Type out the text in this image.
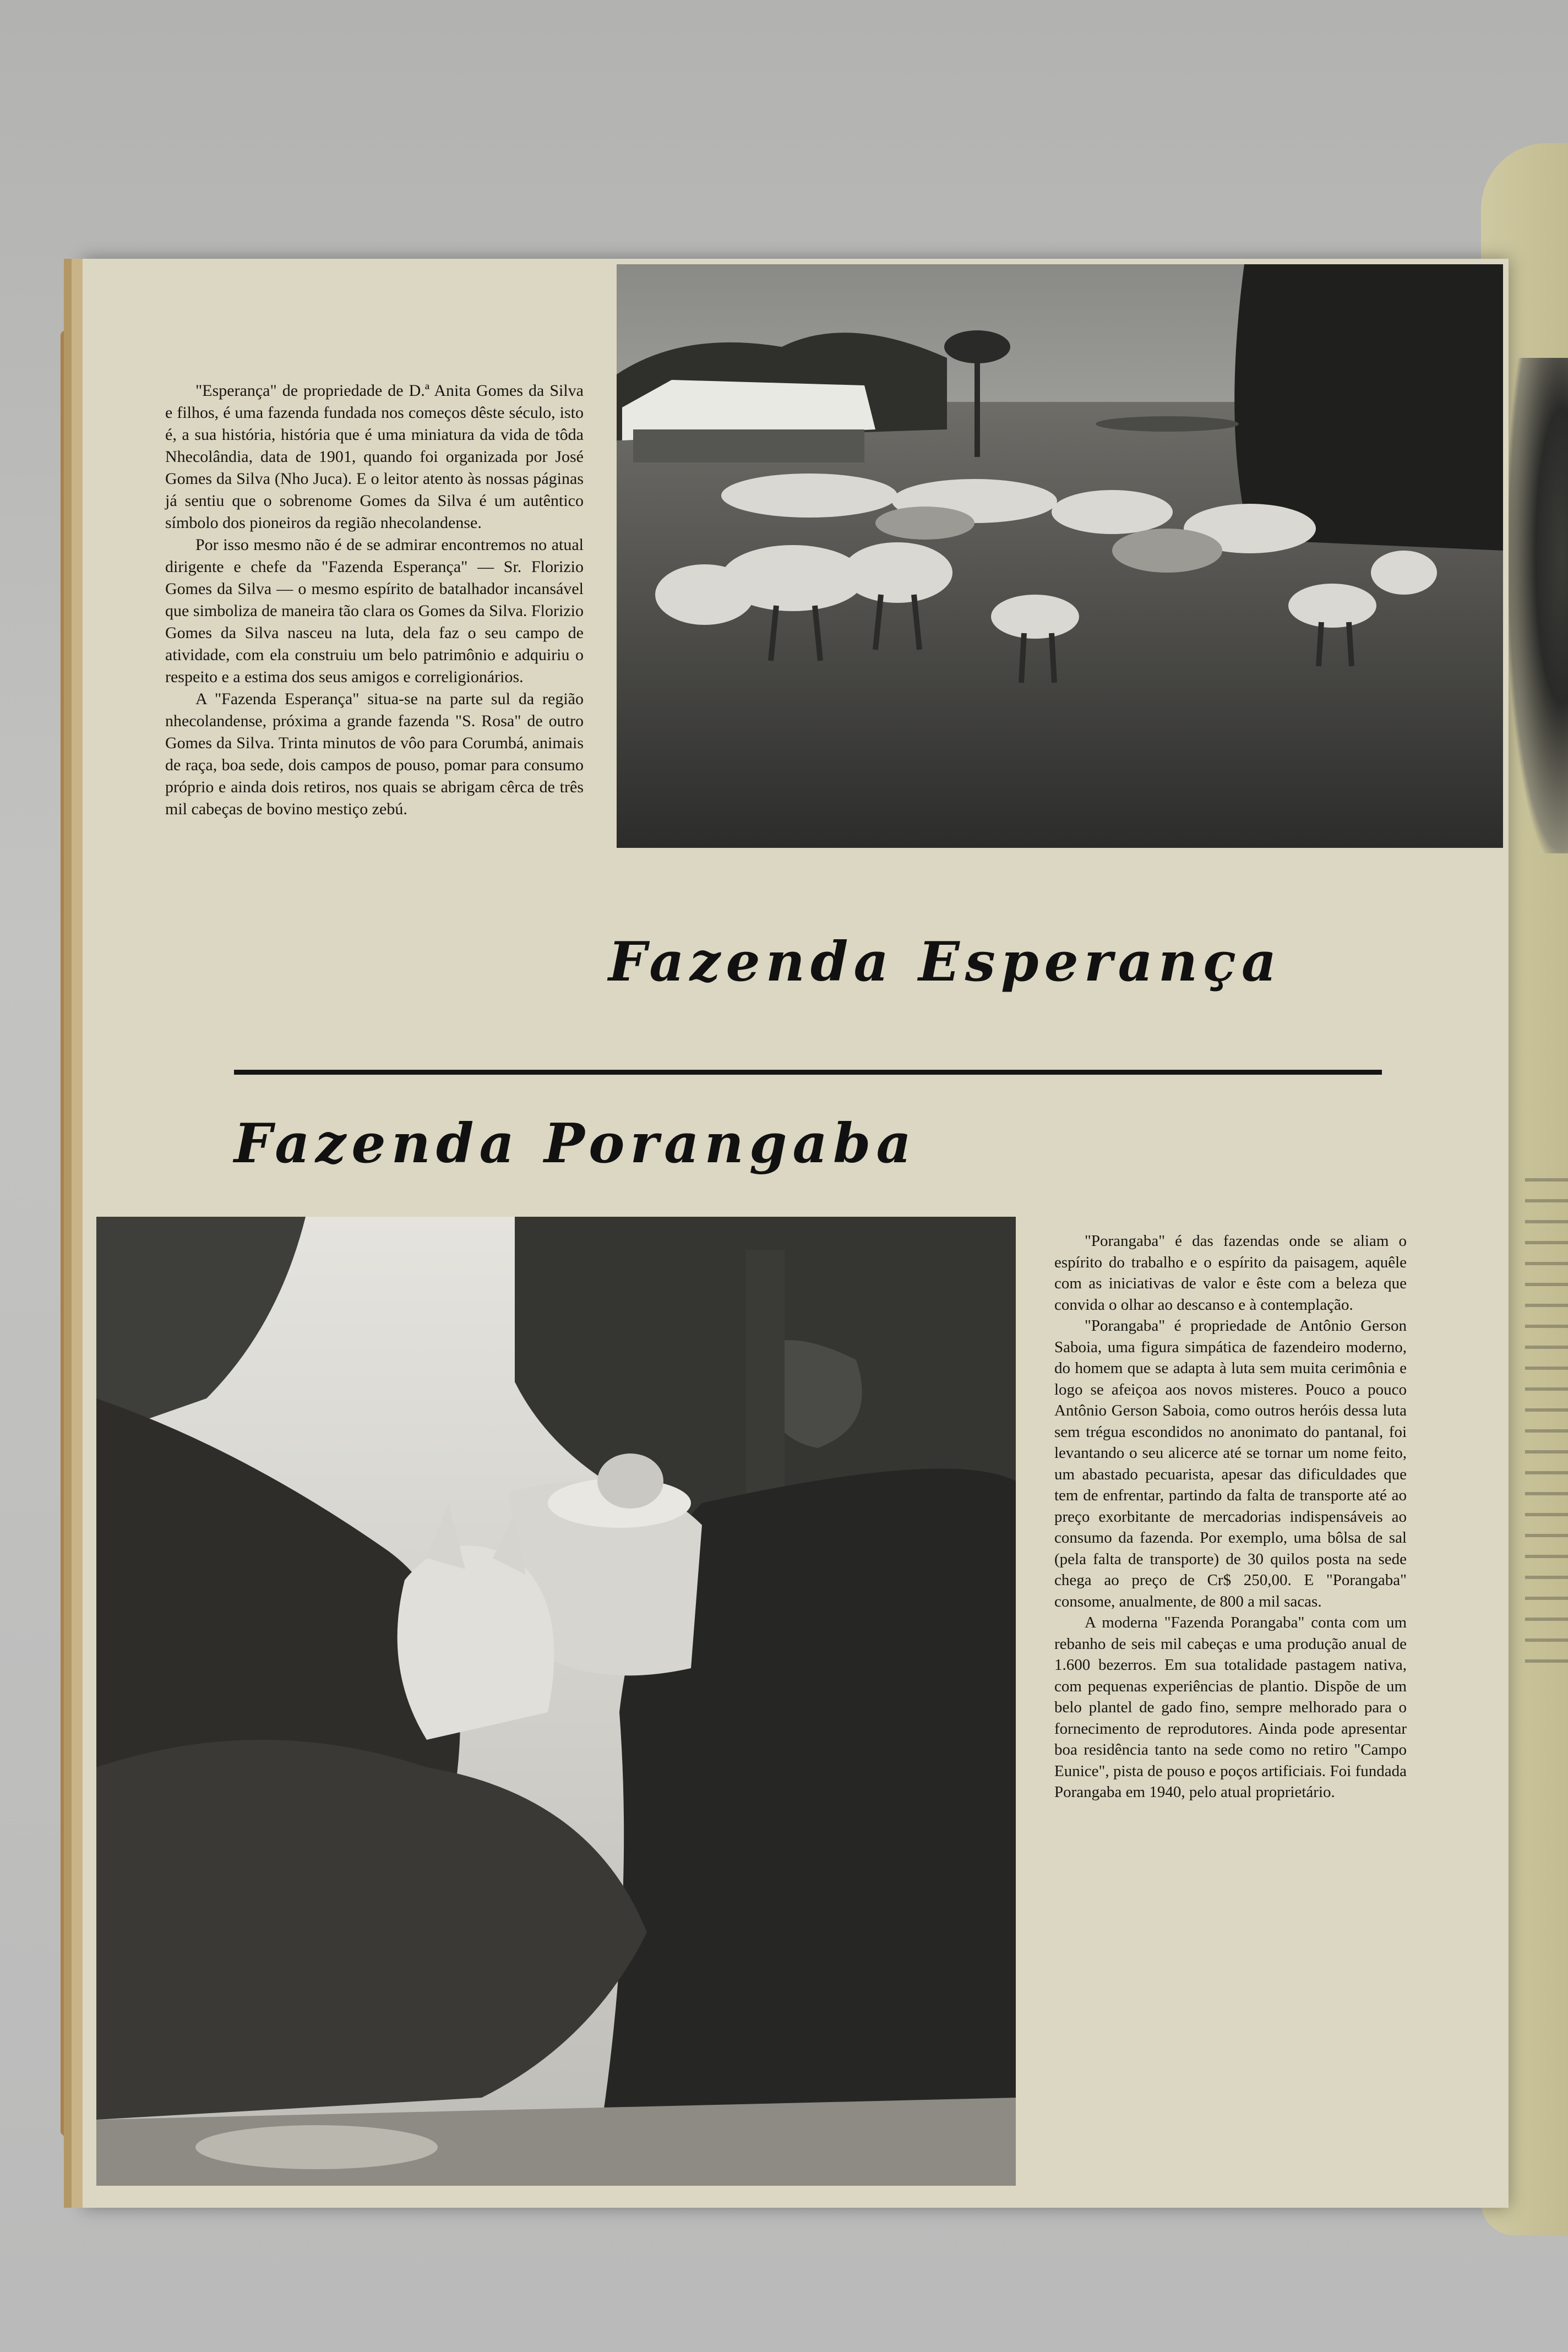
"Esperança" de propriedade de D.ª Anita Gomes da Silva e filhos, é uma fazenda fundada nos começos dêste século, isto é, a sua história, história que é uma miniatura da vida de tôda Nhecolândia, data de 1901, quando foi organizada por José Gomes da Silva (Nho Juca). E o leitor atento às nossas páginas já sentiu que o sobrenome Gomes da Silva é um autêntico símbolo dos pioneiros da região nhecolandense.

Por isso mesmo não é de se admirar encontremos no atual dirigente e chefe da "Fazenda Esperança" — Sr. Florizio Gomes da Silva — o mesmo espírito de batalhador incansável que simboliza de maneira tão clara os Gomes da Silva. Florizio Gomes da Silva nasceu na luta, dela faz o seu campo de atividade, com ela construiu um belo patrimônio e adquiriu o respeito e a estima dos seus amigos e correligionários.

A "Fazenda Esperança" situa-se na parte sul da região nhecolandense, próxima a grande fazenda "S. Rosa" de outro Gomes da Silva. Trinta minutos de vôo para Corumbá, animais de raça, boa sede, dois campos de pouso, pomar para consumo próprio e ainda dois retiros, nos quais se abrigam cêrca de três mil cabeças de bovino mestiço zebú.

Fazenda Esperança
Fazenda Porangaba

"Porangaba" é das fazendas onde se aliam o espírito do trabalho e o espírito da paisagem, aquêle com as iniciativas de valor e êste com a beleza que convida o olhar ao descanso e à contemplação.

"Porangaba" é propriedade de Antônio Gerson Saboia, uma figura simpática de fazendeiro moderno, do homem que se adapta à luta sem muita cerimônia e logo se afeiçoa aos novos misteres. Pouco a pouco Antônio Gerson Saboia, como outros heróis dessa luta sem trégua escondidos no anonimato do pantanal, foi levantando o seu alicerce até se tornar um nome feito, um abastado pecuarista, apesar das dificuldades que tem de enfrentar, partindo da falta de transporte até ao preço exorbitante de mercadorias indispensáveis ao consumo da fazenda. Por exemplo, uma bôlsa de sal (pela falta de transporte) de 30 quilos posta na sede chega ao preço de Cr$ 250,00. E "Porangaba" consome, anualmente, de 800 a mil sacas.

A moderna "Fazenda Porangaba" conta com um rebanho de seis mil cabeças e uma produção anual de 1.600 bezerros. Em sua totalidade pastagem nativa, com pequenas experiências de plantio. Dispõe de um belo plantel de gado fino, sempre melhorado para o fornecimento de reprodutores. Ainda pode apresentar boa residência tanto na sede como no retiro "Campo Eunice", pista de pouso e poços artificiais. Foi fundada Porangaba em 1940, pelo atual proprietário.
